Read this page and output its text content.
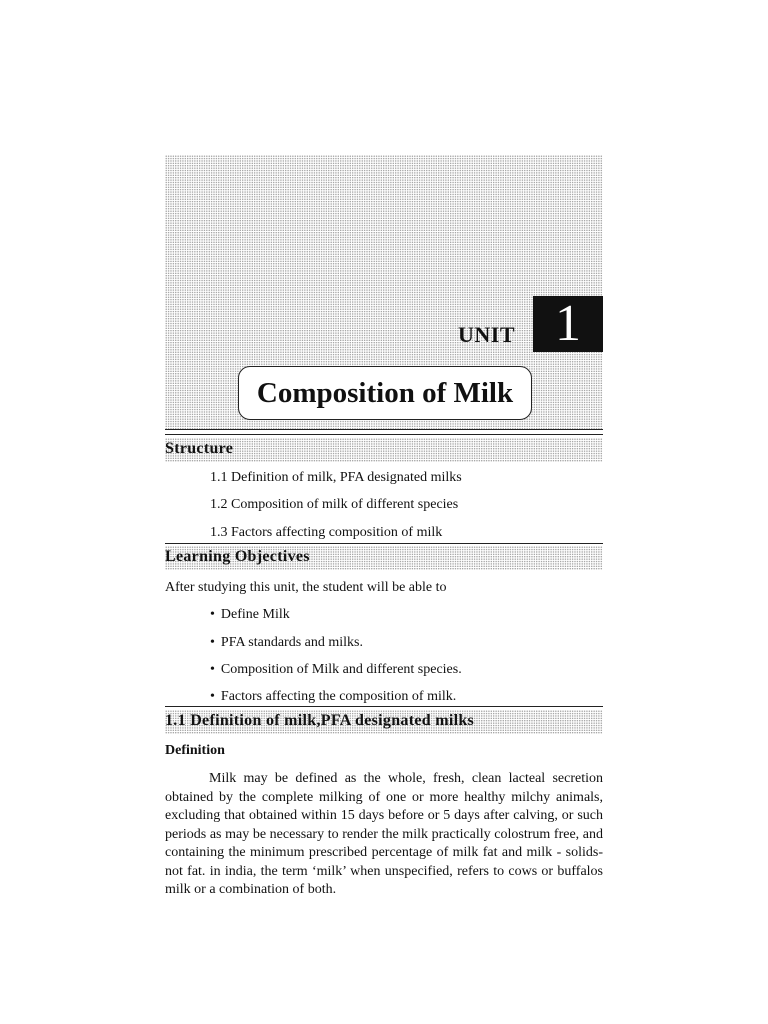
UNIT 1
Composition of Milk
Structure
1.1 Definition of milk, PFA designated milks
1.2 Composition of milk of different species
1.3 Factors affecting composition of milk
Learning Objectives
After studying this unit, the student will be able to
• Define Milk
• PFA standards and milks.
• Composition of Milk and different species.
• Factors affecting the composition of milk.
1.1 Definition of milk,PFA designated milks
Definition

Milk may be defined as the whole, fresh, clean lacteal secretion obtained by the complete milking of one or more healthy milchy animals, excluding that obtained within 15 days before or 5 days after calving, or such periods as may be necessary to render the milk practically colostrum free, and containing the minimum prescribed percentage of milk fat and milk - solids- not fat. in india, the term ‘milk’ when unspecified, refers to cows or buffalos milk or a combination of both.
